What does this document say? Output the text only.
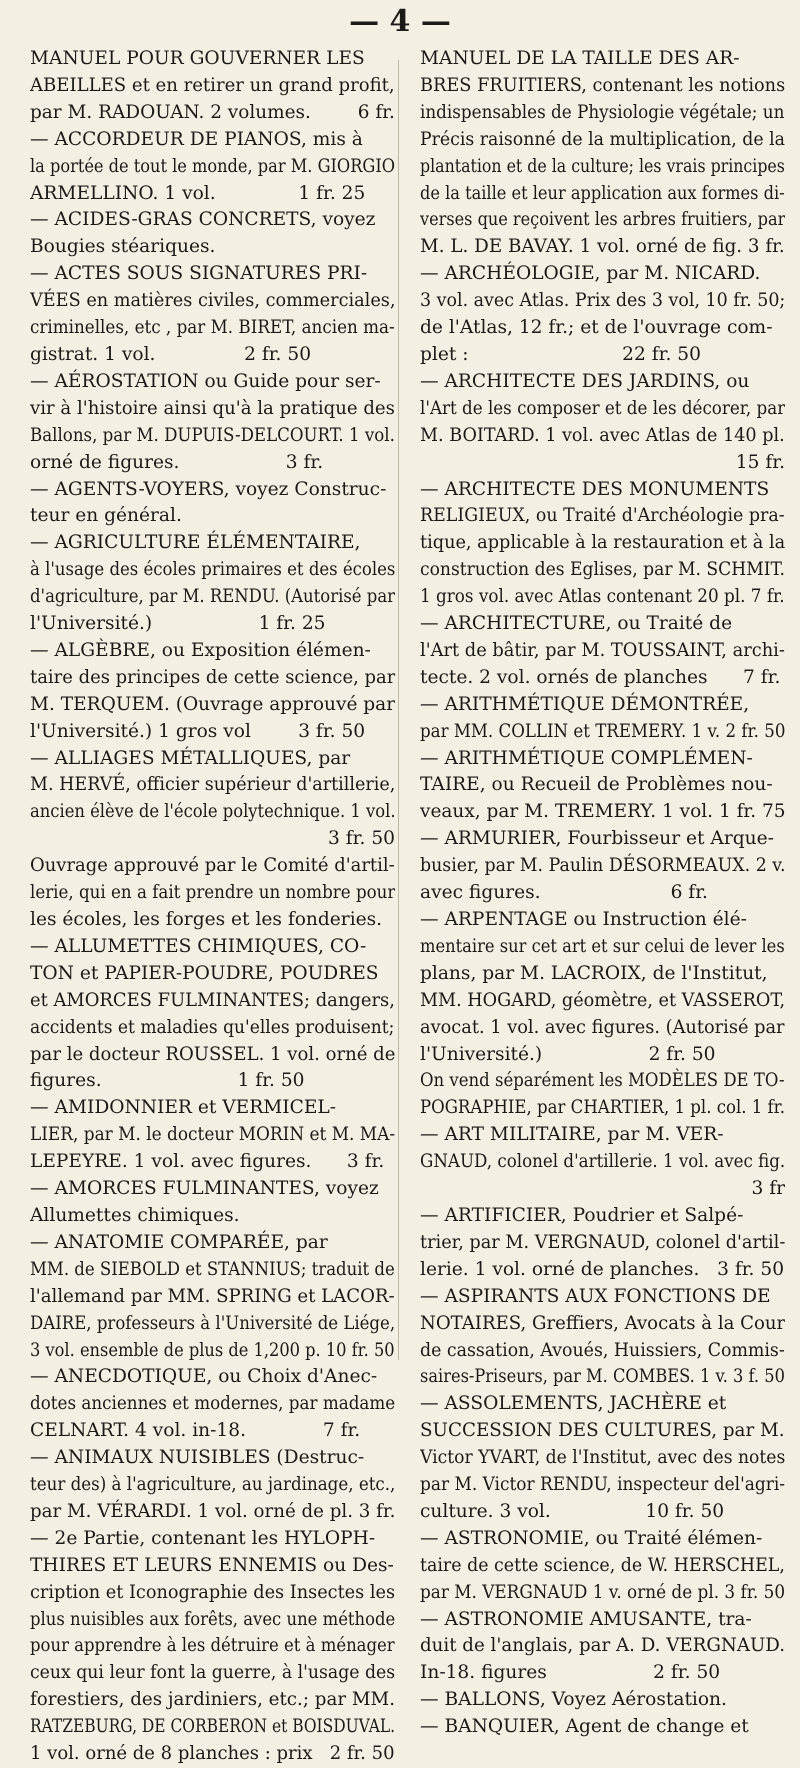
— 4 —
MANUEL POUR GOUVERNER LES
ABEILLES et en retirer un grand profit,
par M. RADOUAN. 2 volumes.        6 fr.
— ACCORDEUR DE PIANOS, mis à
la portée de tout le monde, par M. GIORGIO
ARMELLINO. 1 vol.              1 fr. 25
— ACIDES-GRAS CONCRETS, voyez
Bougies stéariques.
— ACTES SOUS SIGNATURES PRI-
VÉES en matières civiles, commerciales,
criminelles, etc , par M. BIRET, ancien ma-
gistrat. 1 vol.               2 fr. 50
— AÉROSTATION ou Guide pour ser-
vir à l'histoire ainsi qu'à la pratique des
Ballons, par M. DUPUIS-DELCOURT. 1 vol.
orné de figures.                  3 fr.
— AGENTS-VOYERS, voyez Construc-
teur en général.
— AGRICULTURE ÉLÉMENTAIRE,
à l'usage des écoles primaires et des écoles
d'agriculture, par M. RENDU. (Autorisé par
l'Université.)                  1 fr. 25
— ALGÈBRE, ou Exposition élémen-
taire des principes de cette science, par
M. TERQUEM. (Ouvrage approuvé par
l'Université.) 1 gros vol        3 fr. 50
— ALLIAGES MÉTALLIQUES, par
M. HERVÉ, officier supérieur d'artillerie,
ancien élève de l'école polytechnique. 1 vol.
3 fr. 50
Ouvrage approuvé par le Comité d'artil-
lerie, qui en a fait prendre un nombre pour
les écoles, les forges et les fonderies.
— ALLUMETTES CHIMIQUES, CO-
TON et PAPIER-POUDRE, POUDRES
et AMORCES FULMINANTES; dangers,
accidents et maladies qu'elles produisent;
par le docteur ROUSSEL. 1 vol. orné de
figures.                       1 fr. 50
— AMIDONNIER et VERMICEL-
LIER, par M. le docteur MORIN et M. MA-
LEPEYRE. 1 vol. avec figures.      3 fr.
— AMORCES FULMINANTES, voyez
Allumettes chimiques.
— ANATOMIE COMPARÉE, par
MM. de SIEBOLD et STANNIUS; traduit de
l'allemand par MM. SPRING et LACOR-
DAIRE, professeurs à l'Université de Liége,
3 vol. ensemble de plus de 1,200 p. 10 fr. 50
— ANECDOTIQUE, ou Choix d'Anec-
dotes anciennes et modernes, par madame
CELNART. 4 vol. in-18.             7 fr.
— ANIMAUX NUISIBLES (Destruc-
teur des) à l'agriculture, au jardinage, etc.,
par M. VÉRARDI. 1 vol. orné de pl. 3 fr.
— 2e Partie, contenant les HYLOPH-
THIRES ET LEURS ENNEMIS ou Des-
cription et Iconographie des Insectes les
plus nuisibles aux forêts, avec une méthode
pour apprendre à les détruire et à ménager
ceux qui leur font la guerre, à l'usage des
forestiers, des jardiniers, etc.; par MM.
RATZEBURG, DE CORBERON et BOISDUVAL.
1 vol. orné de 8 planches : prix   2 fr. 50
MANUEL DE LA TAILLE DES AR-
BRES FRUITIERS, contenant les notions
indispensables de Physiologie végétale; un
Précis raisonné de la multiplication, de la
plantation et de la culture; les vrais principes
de la taille et leur application aux formes di-
verses que reçoivent les arbres fruitiers, par
M. L. DE BAVAY. 1 vol. orné de fig. 3 fr.
— ARCHÉOLOGIE, par M. NICARD.
3 vol. avec Atlas. Prix des 3 vol, 10 fr. 50;
de l'Atlas, 12 fr.; et de l'ouvrage com-
plet :                          22 fr. 50
— ARCHITECTE DES JARDINS, ou
l'Art de les composer et de les décorer, par
M. BOITARD. 1 vol. avec Atlas de 140 pl.
15 fr.
— ARCHITECTE DES MONUMENTS
RELIGIEUX, ou Traité d'Archéologie pra-
tique, applicable à la restauration et à la
construction des Eglises, par M. SCHMIT.
1 gros vol. avec Atlas contenant 20 pl. 7 fr.
— ARCHITECTURE, ou Traité de
l'Art de bâtir, par M. TOUSSAINT, archi-
tecte. 2 vol. ornés de planches      7 fr.
— ARITHMÉTIQUE DÉMONTRÉE,
par MM. COLLIN et TREMERY. 1 v. 2 fr. 50
— ARITHMÉTIQUE COMPLÉMEN-
TAIRE, ou Recueil de Problèmes nou-
veaux, par M. TREMERY. 1 vol. 1 fr. 75
— ARMURIER, Fourbisseur et Arque-
busier, par M. Paulin DÉSORMEAUX. 2 v.
avec figures.                      6 fr.
— ARPENTAGE ou Instruction élé-
mentaire sur cet art et sur celui de lever les
plans, par M. LACROIX, de l'Institut,
MM. HOGARD, géomètre, et VASSEROT,
avocat. 1 vol. avec figures. (Autorisé par
l'Université.)                  2 fr. 50
On vend séparément les MODÈLES DE TO-
POGRAPHIE, par CHARTIER, 1 pl. col. 1 fr.
— ART MILITAIRE, par M. VER-
GNAUD, colonel d'artillerie. 1 vol. avec fig.
3 fr
— ARTIFICIER, Poudrier et Salpé-
trier, par M. VERGNAUD, colonel d'artil-
lerie. 1 vol. orné de planches.   3 fr. 50
— ASPIRANTS AUX FONCTIONS DE
NOTAIRES, Greffiers, Avocats à la Cour
de cassation, Avoués, Huissiers, Commis-
saires-Priseurs, par M. COMBES. 1 v. 3 f. 50
— ASSOLEMENTS, JACHÈRE et
SUCCESSION DES CULTURES, par M.
Victor YVART, de l'Institut, avec des notes
par M. Victor RENDU, inspecteur del'agri-
culture. 3 vol.                10 fr. 50
— ASTRONOMIE, ou Traité élémen-
taire de cette science, de W. HERSCHEL,
par M. VERGNAUD 1 v. orné de pl. 3 fr. 50
— ASTRONOMIE AMUSANTE, tra-
duit de l'anglais, par A. D. VERGNAUD.
In-18. figures                  2 fr. 50
— BALLONS, Voyez Aérostation.
— BANQUIER, Agent de change et
